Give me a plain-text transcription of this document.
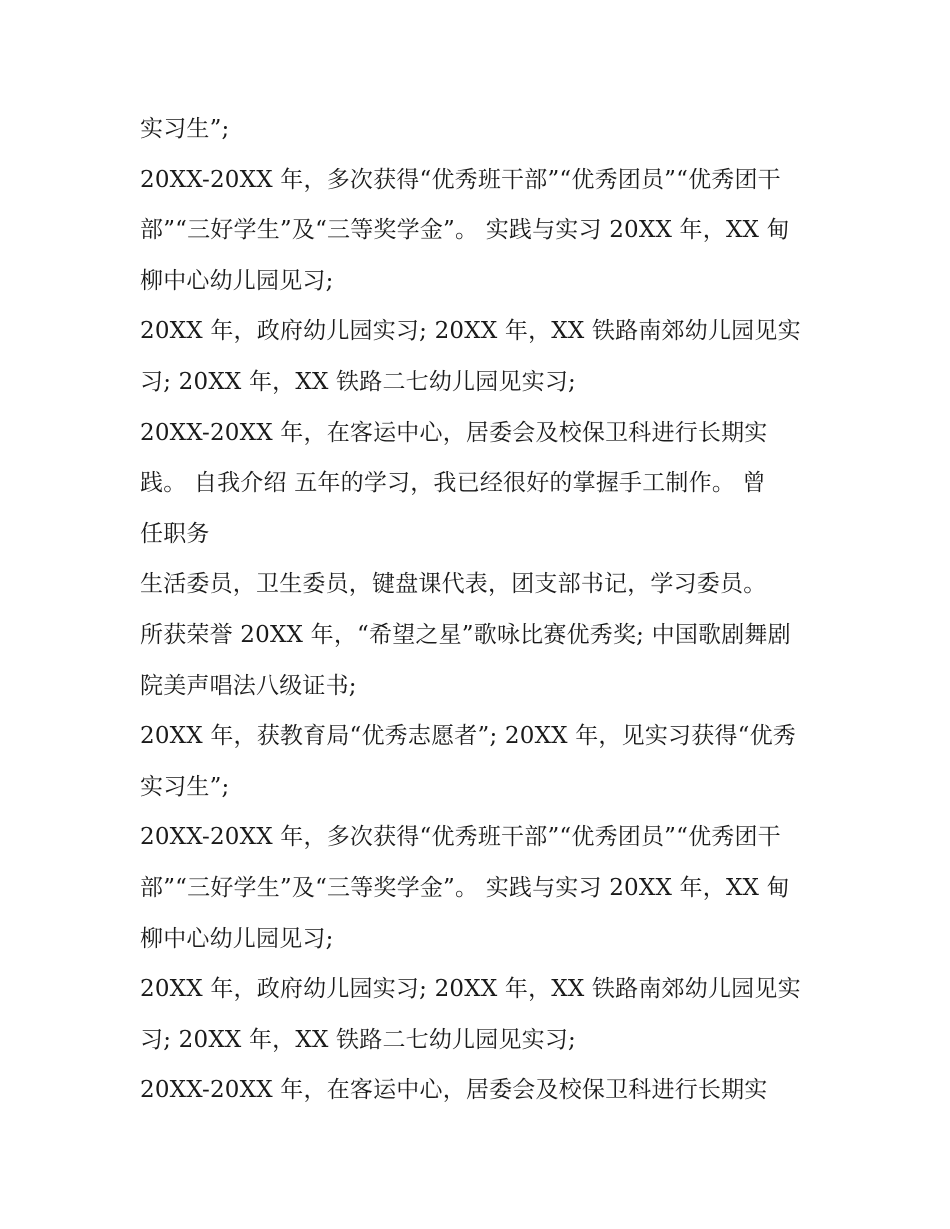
实习生”;
20XX-20XX 年，多次获得“优秀班干部”“优秀团员”“优秀团干
部”“三好学生”及“三等奖学金”。 实践与实习 20XX 年，XX 甸
柳中心幼儿园见习;
20XX 年，政府幼儿园实习; 20XX 年，XX 铁路南郊幼儿园见实
习; 20XX 年，XX 铁路二七幼儿园见实习;
20XX-20XX 年，在客运中心，居委会及校保卫科进行长期实
践。 自我介绍 五年的学习，我已经很好的掌握手工制作。 曾
任职务
生活委员，卫生委员，键盘课代表，团支部书记，学习委员。
所获荣誉 20XX 年，“希望之星”歌咏比赛优秀奖; 中国歌剧舞剧
院美声唱法八级证书;
20XX 年，获教育局“优秀志愿者”; 20XX 年，见实习获得“优秀
实习生”;
20XX-20XX 年，多次获得“优秀班干部”“优秀团员”“优秀团干
部”“三好学生”及“三等奖学金”。 实践与实习 20XX 年，XX 甸
柳中心幼儿园见习;
20XX 年，政府幼儿园实习; 20XX 年，XX 铁路南郊幼儿园见实
习; 20XX 年，XX 铁路二七幼儿园见实习;
20XX-20XX 年，在客运中心，居委会及校保卫科进行长期实
